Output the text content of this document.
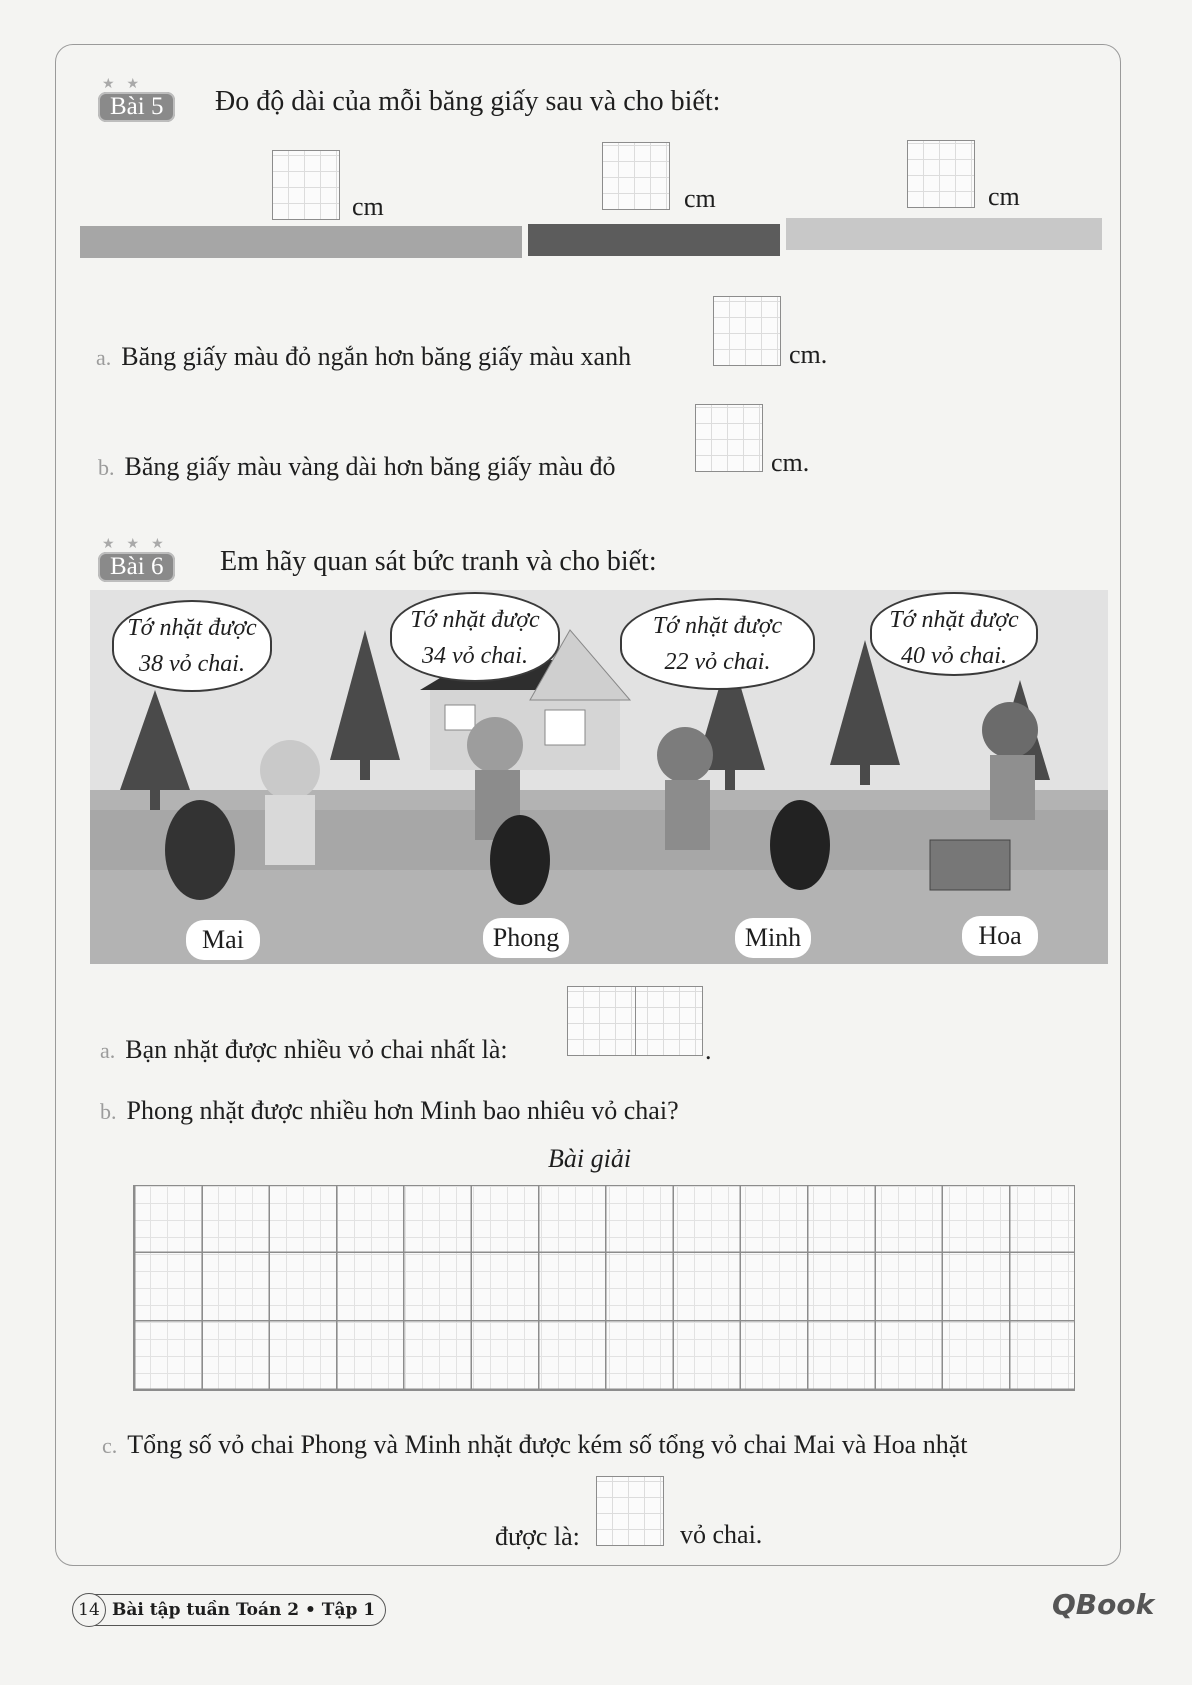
★★
Bài 5	Đo độ dài của mỗi băng giấy sau và cho biết:
cm	cm	cm
a. Băng giấy màu đỏ ngắn hơn băng giấy màu xanh	cm.
b. Băng giấy màu vàng dài hơn băng giấy màu đỏ	cm.
★★★
Bài 6	Em hãy quan sát bức tranh và cho biết:
Tớ nhặt được
38 vỏ chai.
Tớ nhặt được
34 vỏ chai.
Tớ nhặt được
22 vỏ chai.
Tớ nhặt được
40 vỏ chai.
Mai	Phong	Minh	Hoa
a. Bạn nhặt được nhiều vỏ chai nhất là:	.
b. Phong nhặt được nhiều hơn Minh bao nhiêu vỏ chai?
Bài giải
c. Tổng số vỏ chai Phong và Minh nhặt được kém số tổng vỏ chai Mai và Hoa nhặt
được là:	vỏ chai.
14 Bài tập tuần Toán 2 • Tập 1	QBook
